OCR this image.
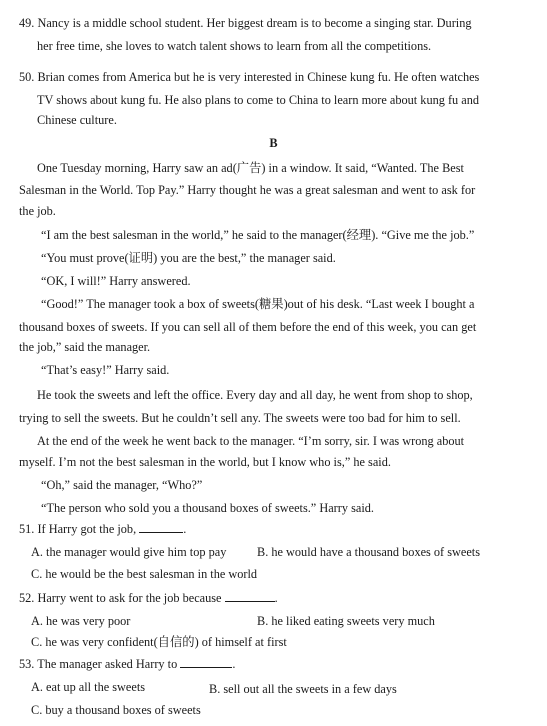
49. Nancy is a middle school student. Her biggest dream is to become a singing star. During
her free time, she loves to watch talent shows to learn from all the competitions.
50. Brian comes from America but he is very interested in Chinese kung fu. He often watches
TV shows about kung fu. He also plans to come to China to learn more about kung fu and
Chinese culture.
B
One Tuesday morning, Harry saw an ad(广告) in a window. It said, “Wanted. The Best
Salesman in the World. Top Pay.” Harry thought he was a great salesman and went to ask for
the job.
“I am the best salesman in the world,” he said to the manager(经理). “Give me the job.”
“You must prove(证明) you are the best,” the manager said.
“OK, I will!” Harry answered.
“Good!” The manager took a box of sweets(糖果)out of his desk. “Last week I bought a
thousand boxes of sweets. If you can sell all of them before the end of this week, you can get
the job,” said the manager.
“That’s easy!” Harry said.
He took the sweets and left the office. Every day and all day, he went from shop to shop,
trying to sell the sweets. But he couldn’t sell any. The sweets were too bad for him to sell.
At the end of the week he went back to the manager. “I’m sorry, sir. I was wrong about
myself. I’m not the best salesman in the world, but I know who is,” he said.
“Oh,” said the manager, “Who?”
“The person who sold you a thousand boxes of sweets.” Harry said.
51. If Harry got the job,	.
A. the manager would give him top pay B. he would have a thousand boxes of sweets
C. he would be the best salesman in the world
52. Harry went to ask for the job because	.
A. he was very poor	B. he liked eating sweets very much
C. he was very confident(自信的) of himself at first
53. The manager asked Harry to	.
A. eat up all the sweets	B. sell out all the sweets in a few days
C. buy a thousand boxes of sweets
